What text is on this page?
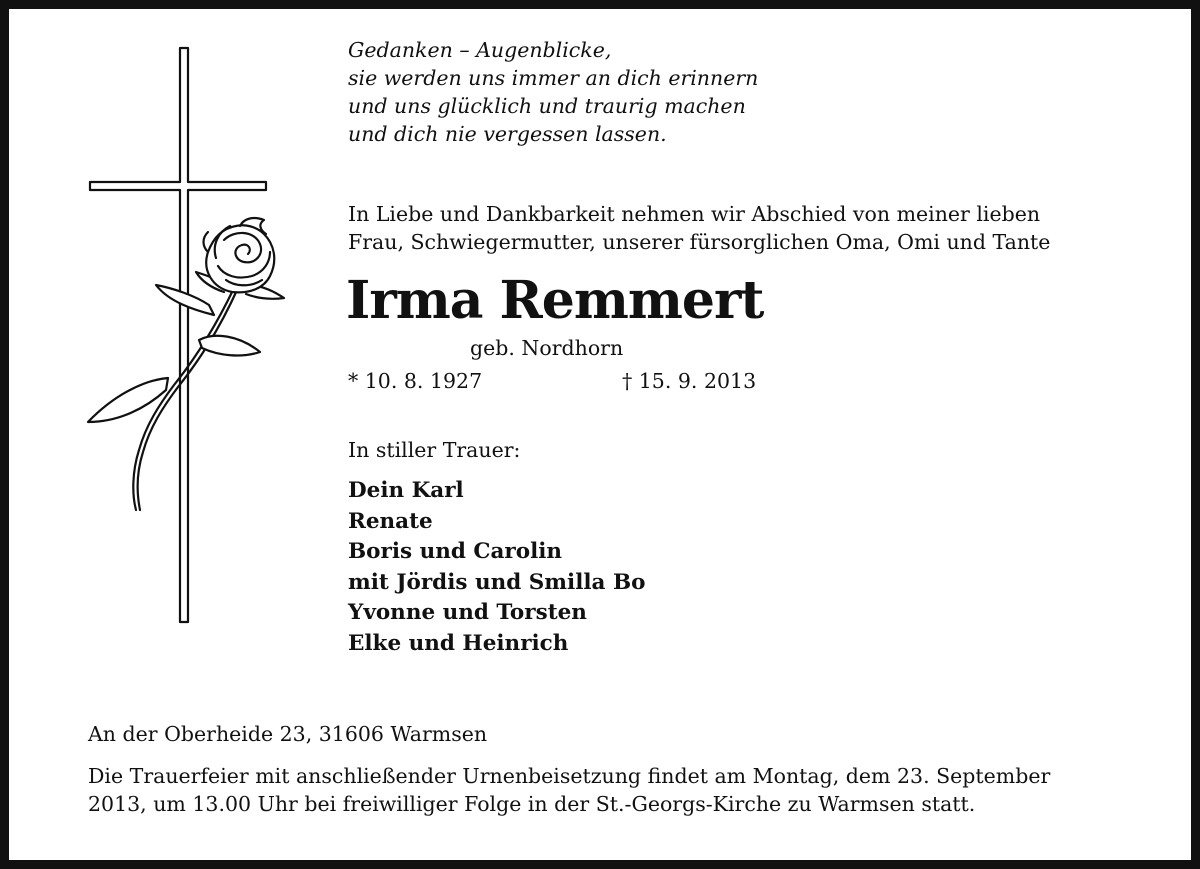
Gedanken – Augenblicke,
sie werden uns immer an dich erinnern
und uns glücklich und traurig machen
und dich nie vergessen lassen.
In Liebe und Dankbarkeit nehmen wir Abschied von meiner lieben
Frau, Schwiegermutter, unserer fürsorglichen Oma, Omi und Tante
Irma Remmert
geb. Nordhorn
* 10. 8. 1927	† 15. 9. 2013
In stiller Trauer:
Dein Karl
Renate
Boris und Carolin
mit Jördis und Smilla Bo
Yvonne und Torsten
Elke und Heinrich
An der Oberheide 23, 31606 Warmsen
Die Trauerfeier mit anschließender Urnenbeisetzung findet am Montag, dem 23. September
2013, um 13.00 Uhr bei freiwilliger Folge in der St.-Georgs-Kirche zu Warmsen statt.
